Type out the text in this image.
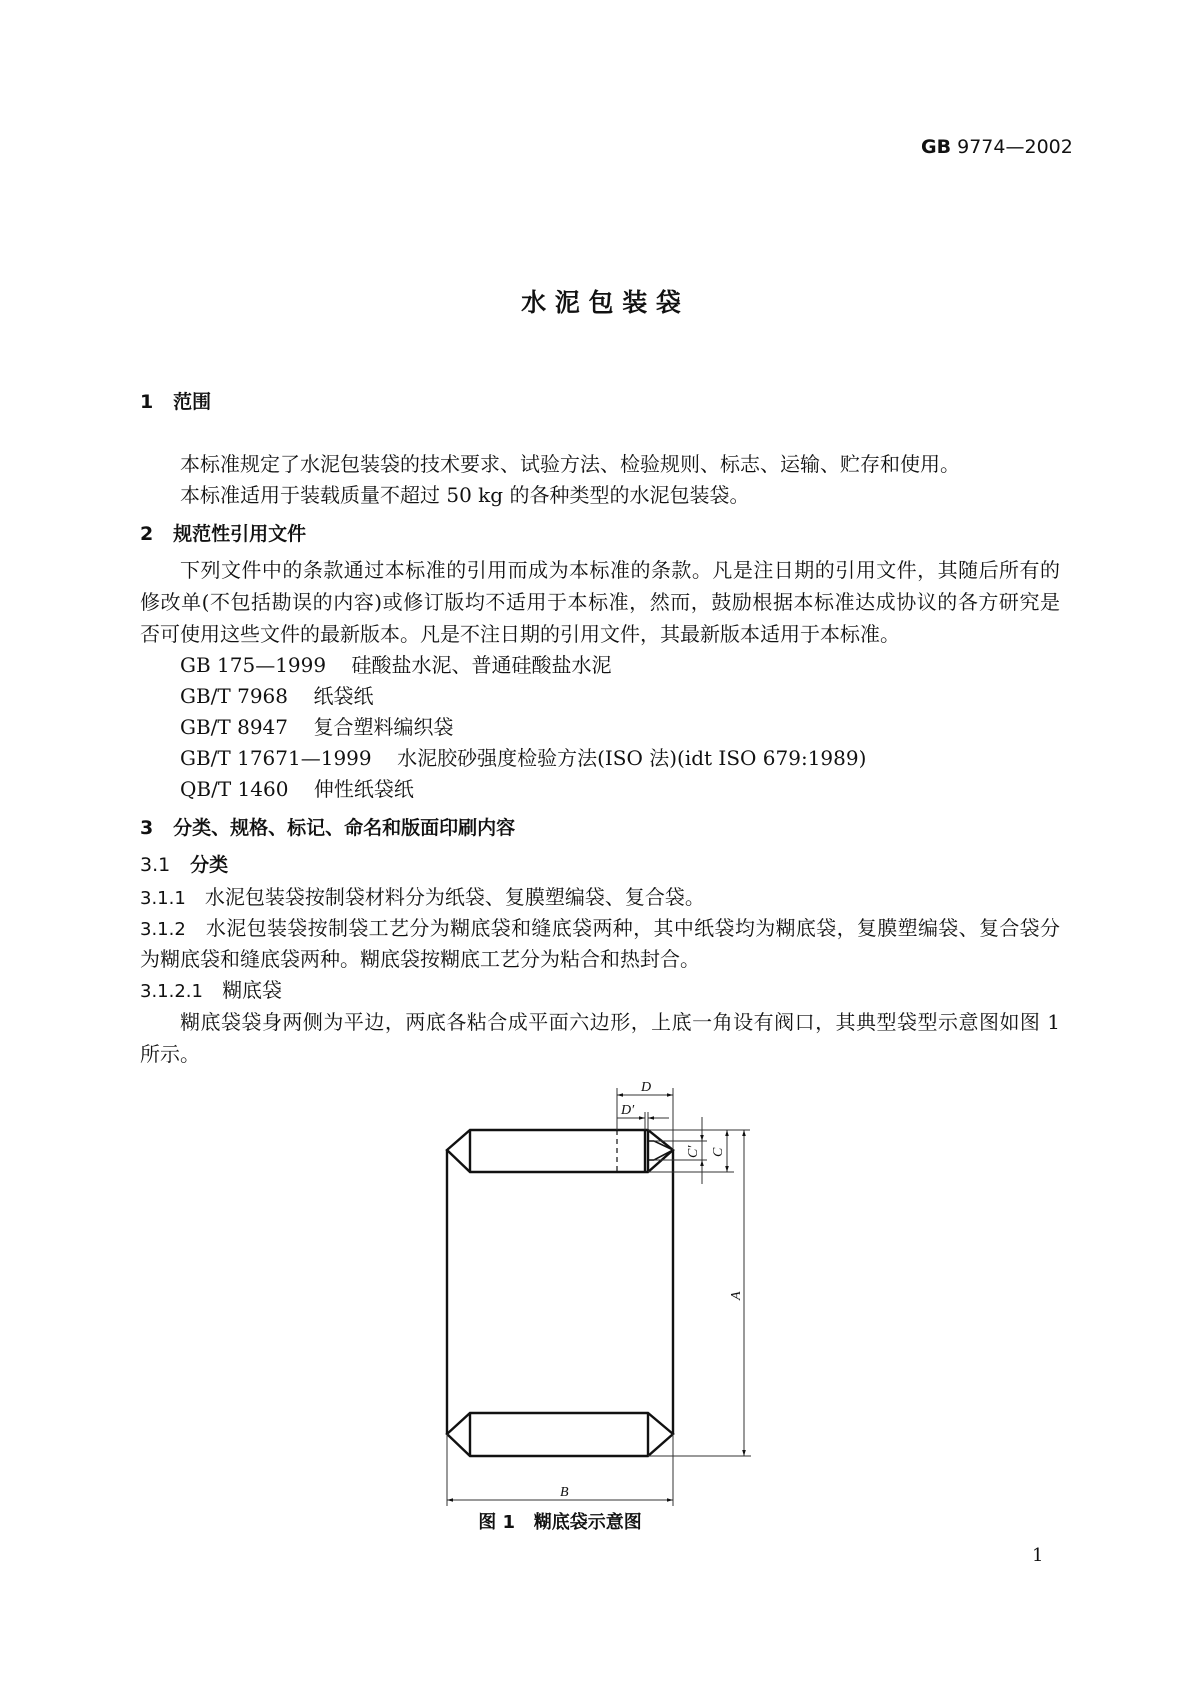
GB 9774—2002
水 泥 包 装 袋
1 范围
本标准规定了水泥包装袋的技术要求、试验方法、检验规则、标志、运输、贮存和使用。
本标准适用于装载质量不超过 50 kg 的各种类型的水泥包装袋。
2 规范性引用文件
下列文件中的条款通过本标准的引用而成为本标准的条款。凡是注日期的引用文件，其随后所有的
修改单(不包括勘误的内容)或修订版均不适用于本标准，然而，鼓励根据本标准达成协议的各方研究是
否可使用这些文件的最新版本。凡是不注日期的引用文件，其最新版本适用于本标准。
GB 175—1999 硅酸盐水泥、普通硅酸盐水泥
GB/T 7968 纸袋纸
GB/T 8947 复合塑料编织袋
GB/T 17671—1999 水泥胶砂强度检验方法(ISO 法)(idt ISO 679:1989)
QB/T 1460 伸性纸袋纸
3 分类、规格、标记、命名和版面印刷内容
3.1 分类
3.1.1 水泥包装袋按制袋材料分为纸袋、复膜塑编袋、复合袋。
3.1.2 水泥包装袋按制袋工艺分为糊底袋和缝底袋两种，其中纸袋均为糊底袋，复膜塑编袋、复合袋分
为糊底袋和缝底袋两种。糊底袋按糊底工艺分为粘合和热封合。
3.1.2.1 糊底袋
糊底袋袋身两侧为平边，两底各粘合成平面六边形，上底一角设有阀口，其典型袋型示意图如图 1
所示。
D
D′
C′ C
A
B
图 1 糊底袋示意图
1
